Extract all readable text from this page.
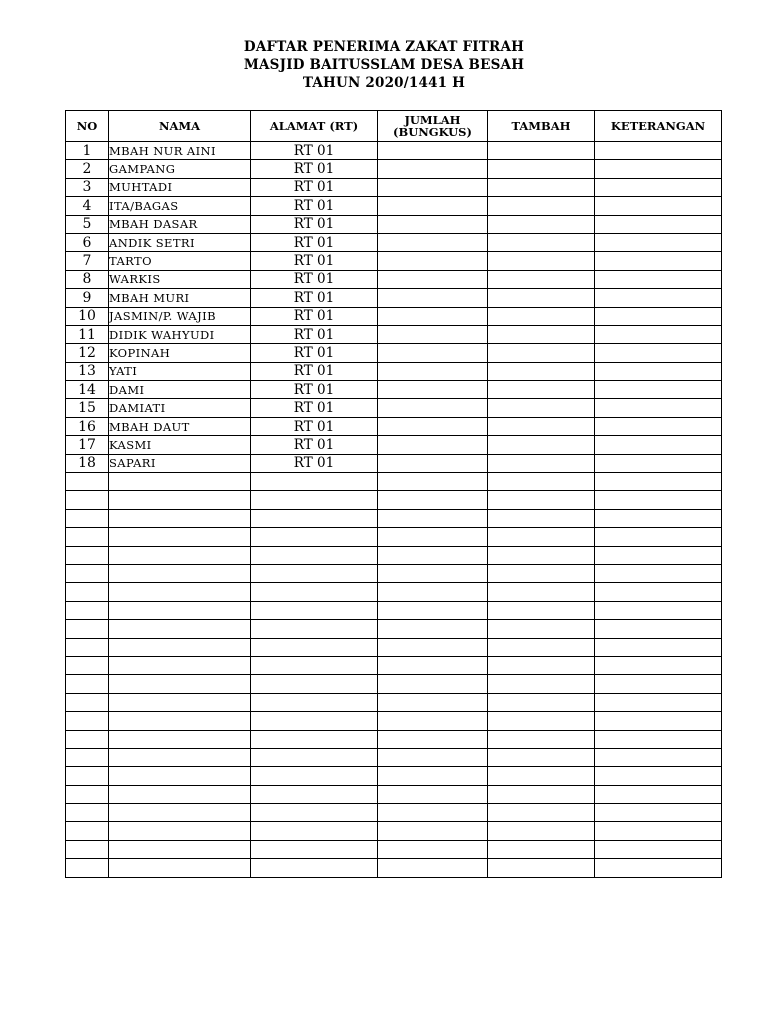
DAFTAR PENERIMA ZAKAT FITRAH
MASJID BAITUSSLAM DESA BESAH
TAHUN 2020/1441 H
NO	NAMA	ALAMAT (RT)	JUMLAH (BUNGKUS)	TAMBAH	KETERANGAN
1	MBAH NUR AINI	RT 01			
2	GAMPANG	RT 01			
3	MUHTADI	RT 01			
4	ITA/BAGAS	RT 01			
5	MBAH DASAR	RT 01			
6	ANDIK SETRI	RT 01			
7	TARTO	RT 01			
8	WARKIS	RT 01			
9	MBAH MURI	RT 01			
10	JASMIN/P. WAJIB	RT 01			
11	DIDIK WAHYUDI	RT 01			
12	KOPINAH	RT 01			
13	YATI	RT 01			
14	DAMI	RT 01			
15	DAMIATI	RT 01			
16	MBAH DAUT	RT 01			
17	KASMI	RT 01			
18	SAPARI	RT 01			
